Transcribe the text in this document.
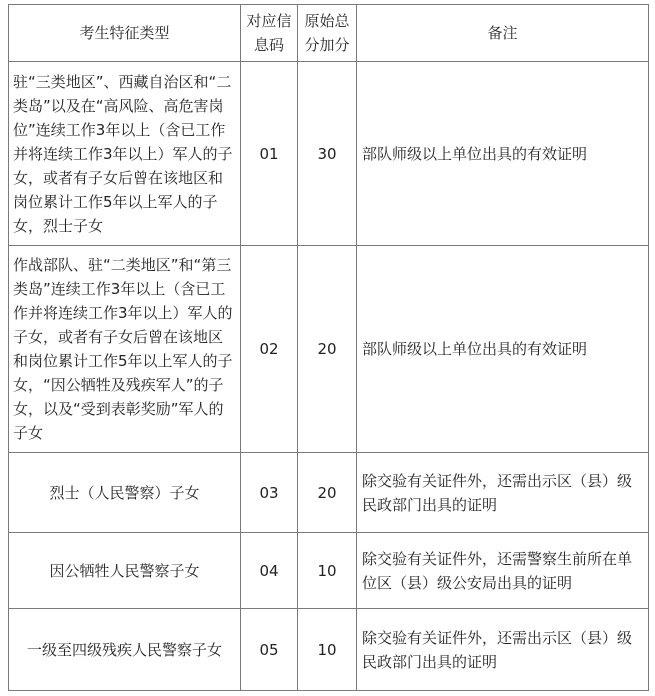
考生特征类型	对应信息码	原始总分加分	备注
驻“三类地区”、西藏自治区和“二类岛”以及在“高风险、高危害岗位”连续工作3年以上（含已工作并将连续工作3年以上）军人的子女，或者有子女后曾在该地区和岗位累计工作5年以上军人的子女，烈士子女	01	30	部队师级以上单位出具的有效证明
作战部队、驻“二类地区”和“第三类岛”连续工作3年以上（含已工作并将连续工作3年以上）军人的子女，或者有子女后曾在该地区和岗位累计工作5年以上军人的子女，“因公牺牲及残疾军人”的子女，以及“受到表彰奖励”军人的子女	02	20	部队师级以上单位出具的有效证明
烈士（人民警察）子女	03	20	除交验有关证件外，还需出示区（县）级民政部门出具的证明
因公牺牲人民警察子女	04	10	除交验有关证件外，还需警察生前所在单位区（县）级公安局出具的证明
一级至四级残疾人民警察子女	05	10	除交验有关证件外，还需出示区（县）级民政部门出具的证明
